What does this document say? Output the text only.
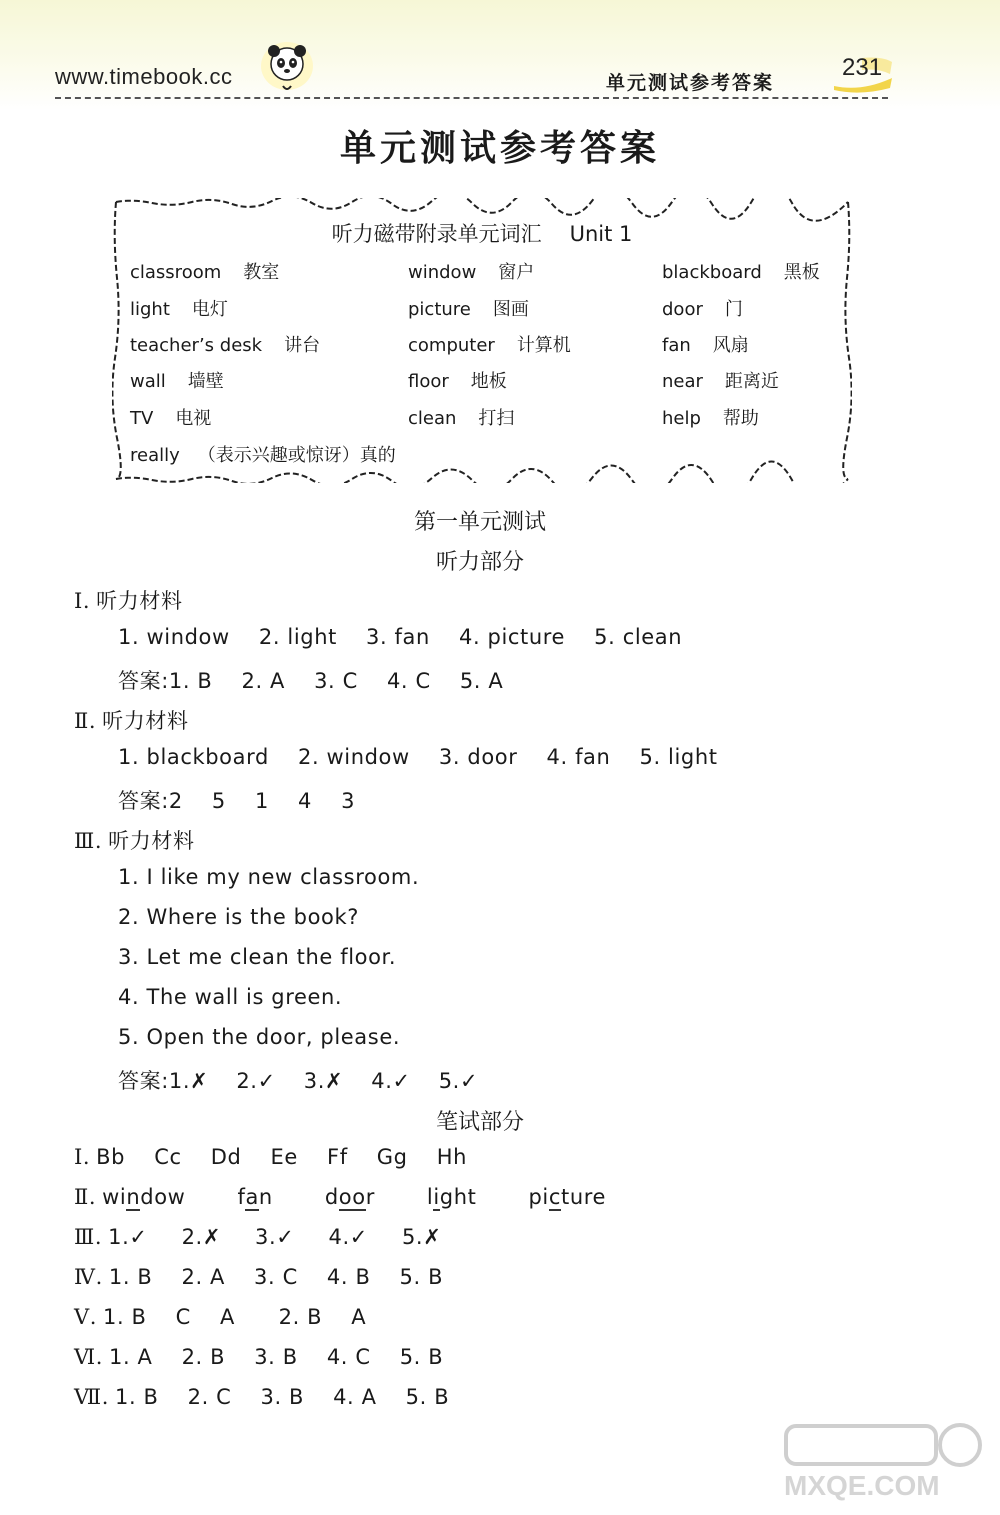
www.timebook.cc	单元测试参考答案
231
单元测试参考答案
听力磁带附录单元词汇 Unit 1
classroom 教室	window 窗户	blackboard 黑板
light 电灯	picture 图画	door 门
teacher’s desk 讲台	computer 计算机	fan 风扇
wall 墙壁	floor 地板	near 距离近
TV 电视	clean 打扫	help 帮助
really （表示兴趣或惊讶）真的
第一单元测试
听力部分
Ⅰ. 听力材料
1. window    2. light    3. fan    4. picture    5. clean
答案:1. B    2. A    3. C    4. C    5. A
Ⅱ. 听力材料
1. blackboard    2. window    3. door    4. fan    5. light
答案:2    5    1    4    3
Ⅲ. 听力材料
1. I like my new classroom.
2. Where is the book?
3. Let me clean the floor.
4. The wall is green.
5. Open the door, please.
答案:1.✗ 2.✓ 3.✗ 4.✓ 5.✓
笔试部分
Ⅰ. Bb    Cc    Dd    Ee    Ff    Gg    Hh
Ⅱ. window fan door light picture
Ⅲ. 1.✓ 2.✗ 3.✓ 4.✓ 5.✗
Ⅳ. 1. B    2. A    3. C    4. B    5. B
Ⅴ. 1. B    C    A      2. B    A
Ⅵ. 1. A    2. B    3. B    4. C    5. B
Ⅶ. 1. B    2. C    3. B    4. A    5. B
MXQE.COM
